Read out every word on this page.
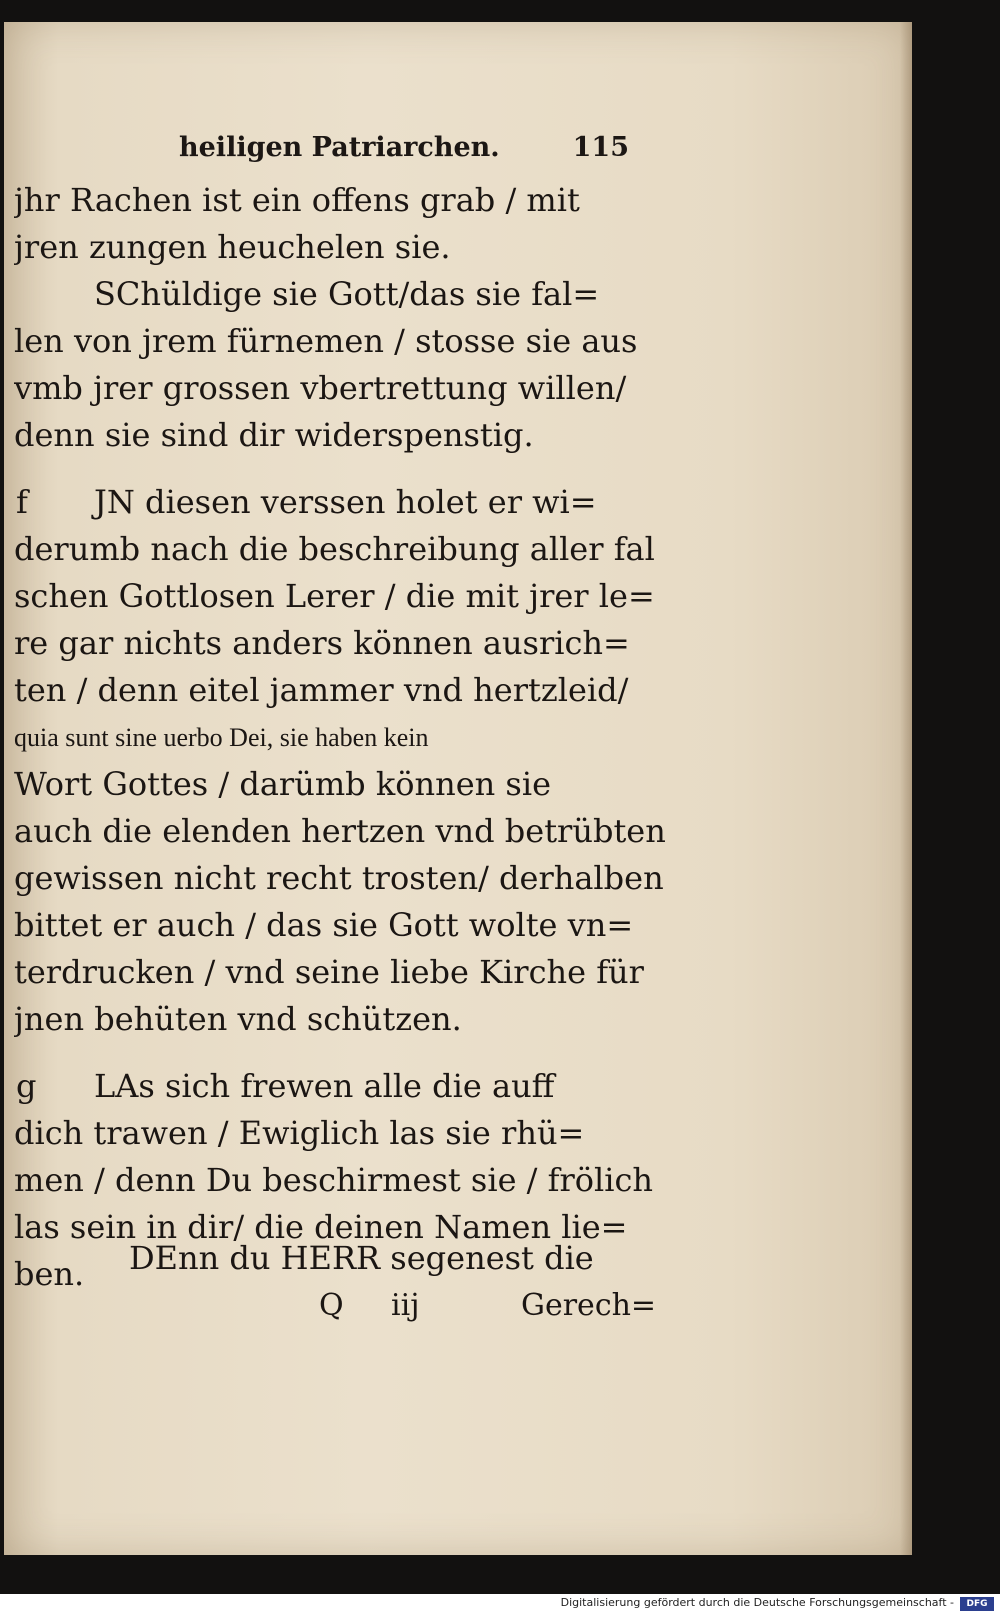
heiligen Patriarchen.	115
jhr Rachen ist ein offens grab / mit
jren zungen heuchelen sie.
SChüldige sie Gott/das sie fal=
len von jrem fürnemen / stosse sie aus
vmb jrer grossen vbertrettung willen/
denn sie sind dir widerspenstig.
f	JN diesen verssen holet er wi=
derumb nach die beschreibung aller fal
schen Gottlosen Lerer / die mit jrer le=
re gar nichts anders können ausrich=
ten / denn eitel jammer vnd hertzleid/
quia sunt sine uerbo Dei, sie haben kein
Wort Gottes / darümb können sie
auch die elenden hertzen vnd betrübten
gewissen nicht recht trosten/ derhalben
bittet er auch / das sie Gott wolte vn=
terdrucken / vnd seine liebe Kirche für
jnen behüten vnd schützen.
g	LAs sich frewen alle die auff
dich trawen / Ewiglich las sie rhü=
men / denn Du beschirmest sie / frölich
las sein in dir/ die deinen Namen lie=
ben.	DEnn du HERR segenest die
Q iij	Gerech=
Digitalisierung gefördert durch die Deutsche Forschungsgemeinschaft -	DFG
